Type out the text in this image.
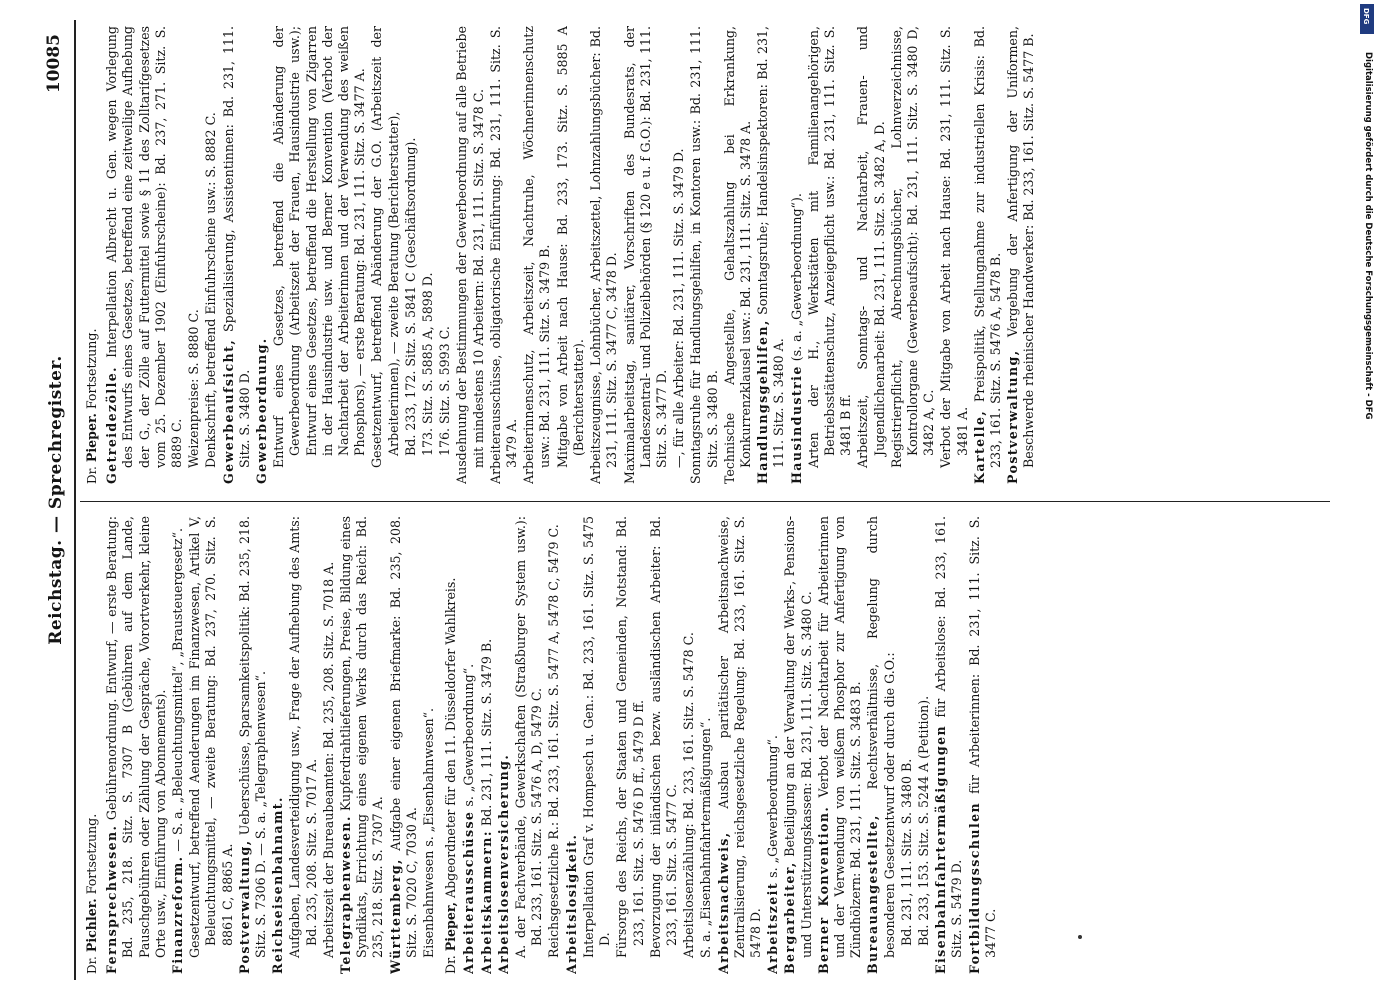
Reichstag. — Sprechregister.
10085

Dr. Pichler. Fortsetzung. Fernsprechwesen. Gebührenordnung. Entwurf, — erste Beratung: Bd. 235, 218. Sitz. S. 7307 B (Gebühren auf dem Lande, Pauschgebühren oder Zählung der Gespräche, Vorortverkehr, kleine Orte usw., Einführung von Abonnements). Finanzreform. — S. a. „Beleuchtungsmittel“, „Brausteuergesetz“. Gesetzentwurf, betreffend Aenderungen im Finanzwesen, Artikel V, Beleuchtungsmittel, — zweite Beratung: Bd. 237, 270. Sitz. S. 8861 C, 8865 A. Postverwaltung, Ueberschüsse, Sparsamkeitspolitik: Bd. 235, 218. Sitz. S. 7306 D. — S. a. „Telegraphenwesen“. Reichseisenbahnamt. Aufgaben, Landesverteidigung usw., Frage der Aufhebung des Amts: Bd. 235, 208. Sitz. S. 7017 A. Arbeitszeit der Bureaubeamten: Bd. 235, 208. Sitz. S. 7018 A. Telegraphenwesen. Kupferdrahtlieferungen, Preise, Bildung eines Syndikats, Errichtung eines eigenen Werks durch das Reich: Bd. 235, 218. Sitz. S. 7307 A. Württemberg, Aufgabe einer eigenen Briefmarke: Bd. 235, 208. Sitz. S. 7020 C, 7030 A. Eisenbahnwesen s. „Eisenbahnwesen“.

Dr. Pieper, Abgeordneter für den 11. Düsseldorfer Wahlkreis. Arbeiterausschüsse s. „Gewerbeordnung“.

Arbeitskammern: Bd. 231, 111. Sitz. S. 3479 B.

Arbeitslosenversicherung. A. der Fachverbände, Gewerkschaften (Straßburger System usw.): Bd. 233, 161. Sitz. S. 5476 A, D, 5479 C. Reichsgesetzliche R.: Bd. 233, 161. Sitz. S. 5477 A, 5478 C, 5479 C. Arbeitslosigkeit. Interpellation Graf v. Hompesch u. Gen.: Bd. 233, 161. Sitz. S. 5475 D. Fürsorge des Reichs, der Staaten und Gemeinden, Notstand: Bd. 233, 161. Sitz. S. 5476 D ff., 5479 D ff. Bevorzugung der inländischen bezw. ausländischen Arbeiter: Bd. 233, 161. Sitz. S. 5477 C. Arbeitslosenzählung: Bd. 233, 161. Sitz. S. 5478 C. S. a. „Eisenbahnfahrtermäßigungen“. Arbeitsnachweis, Ausbau paritätischer Arbeitsnachweise, Zentralisierung, reichsgesetzliche Regelung: Bd. 233, 161. Sitz. S. 5478 D. Arbeitszeit s. „Gewerbeordnung“.

Bergarbeiter, Beteiligung an der Verwaltung der Werks-, Pensions- und Unterstützungskassen: Bd. 231, 111. Sitz. S. 3480 C. Berner Konvention. Verbot der Nachtarbeit für Arbeiterinnen und der Verwendung von weißem Phosphor zur Anfertigung von Zündhölzern: Bd. 231, 111. Sitz. S. 3483 B. Bureauangestellte, Rechtsverhältnisse, Regelung durch besonderen Gesetzentwurf oder durch die G.O.: Bd. 231, 111. Sitz. S. 3480 B. Bd. 233, 153. Sitz. S. 5244 A (Petition). Eisenbahnfahrtermäßigungen für Arbeitslose: Bd. 233, 161. Sitz. S. 5479 D. Fortbildungsschulen für Arbeiterinnen: Bd. 231, 111. Sitz. S. 3477 C.

Dr. Pieper. Fortsetzung. Getreidezölle. Interpellation Albrecht u. Gen. wegen Vorlegung des Entwurfs eines Gesetzes, betreffend eine zeitweilige Aufhebung der G., der Zölle auf Futtermittel sowie § 11 des Zolltarifgesetzes vom 25. Dezember 1902 (Einfuhrscheine): Bd. 237, 271. Sitz. S. 8889 C. Weizenpreise: S. 8880 C. Denkschrift, betreffend Einfuhrscheine usw.: S. 8882 C. Gewerbeaufsicht, Spezialisierung, Assistentinnen: Bd. 231, 111. Sitz. S. 3480 D. Gewerbeordnung. Entwurf eines Gesetzes, betreffend die Abänderung der Gewerbeordnung (Arbeitszeit der Frauen, Hausindustrie usw.); Entwurf eines Gesetzes, betreffend die Herstellung von Zigarren in der Hausindustrie usw. und Berner Konvention (Verbot der Nachtarbeit der Arbeiterinnen und der Verwendung des weißen Phosphors), — erste Beratung: Bd. 231, 111. Sitz. S. 3477 A. Gesetzentwurf, betreffend Abänderung der G.O. (Arbeitszeit der Arbeiterinnen), — zweite Beratung (Berichterstatter), Bd. 233, 172. Sitz. S. 5841 C (Geschäftsordnung). 173. Sitz. S. 5885 A, 5898 D. 176. Sitz. S. 5993 C. Ausdehnung der Bestimmungen der Gewerbeordnung auf alle Betriebe mit mindestens 10 Arbeitern: Bd. 231, 111. Sitz. S. 3478 C. Arbeiterausschüsse, obligatorische Einführung: Bd. 231, 111. Sitz. S. 3479 A. Arbeiterinnenschutz, Arbeitszeit, Nachtruhe, Wöchnerinnenschutz usw.: Bd. 231, 111. Sitz. S. 3479 B. Mitgabe von Arbeit nach Hause: Bd. 233, 173. Sitz. S. 5885 A (Berichterstatter). Arbeitszeugnisse, Lohnbücher, Arbeitszettel, Lohnzahlungsbücher: Bd. 231, 111. Sitz. S. 3477 C, 3478 D. Maximalarbeitstag, sanitärer, Vorschriften des Bundesrats, der Landeszentral- und Polizeibehörden (§ 120 e u. f G.O.): Bd. 231, 111. Sitz. S. 3477 D. —, für alle Arbeiter: Bd. 231, 111. Sitz. S. 3479 D. Sonntagsruhe für Handlungsgehilfen, in Kontoren usw.: Bd. 231, 111. Sitz. S. 3480 B. Technische Angestellte, Gehaltszahlung bei Erkrankung, Konkurrenzklausel usw.: Bd. 231, 111. Sitz. S. 3478 A. Handlungsgehilfen, Sonntagsruhe; Handelsinspektoren: Bd. 231, 111. Sitz. S. 3480 A. Hausindustrie (s. a. „Gewerbeordnung“). Arten der H., Werkstätten mit Familienangehörigen, Betriebsstättenschutz, Anzeigepflicht usw.: Bd. 231, 111. Sitz. S. 3481 B ff. Arbeitszeit, Sonntags- und Nachtarbeit, Frauen- und Jugendlichenarbeit: Bd. 231, 111. Sitz. S. 3482 A, D. Registrierpflicht, Abrechnungsbücher, Lohnverzeichnisse, Kontrollorgane (Gewerbeaufsicht): Bd. 231, 111. Sitz. S. 3480 D, 3482 A, C. Verbot der Mitgabe von Arbeit nach Hause: Bd. 231, 111. Sitz. S. 3481 A. Kartelle, Preispolitik, Stellungnahme zur industriellen Krisis: Bd. 233, 161. Sitz. S. 5476 A, 5478 B. Postverwaltung, Vergebung der Anfertigung der Uniformen, Beschwerde rheinischer Handwerker: Bd. 233, 161. Sitz. S. 5477 B.

DFG
Digitalisierung gefördert durch die Deutsche Forschungsgemeinschaft - DFG
